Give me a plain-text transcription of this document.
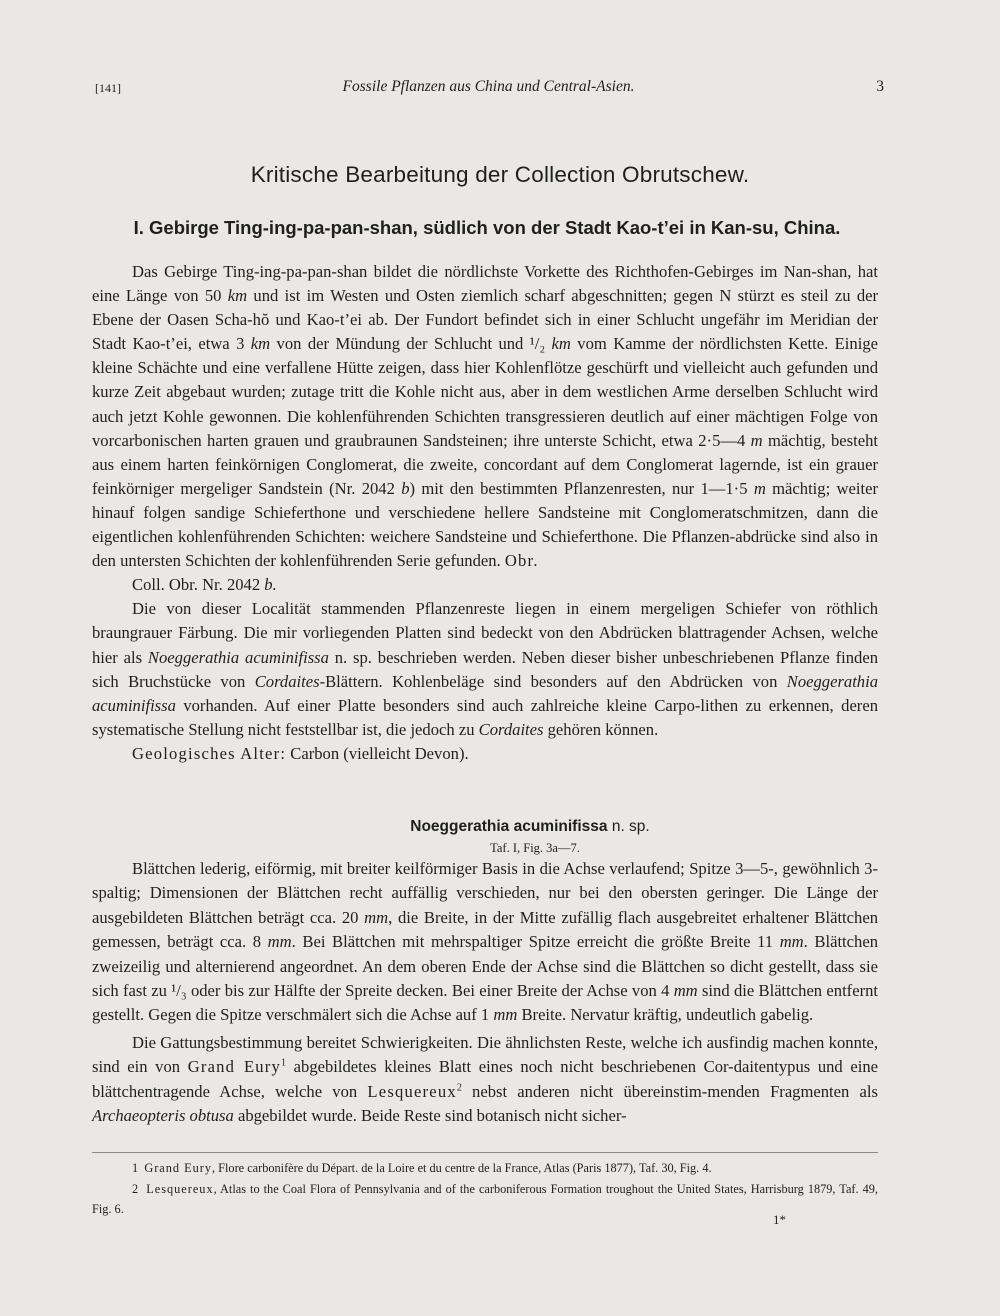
[141]	Fossile Pflanzen aus China und Central-Asien.	3
Kritische Bearbeitung der Collection Obrutschew.
I. Gebirge Ting-ing-pa-pan-shan, südlich von der Stadt Kao-t’ei in Kan-su, China.

Das Gebirge Ting-ing-pa-pan-shan bildet die nördlichste Vorkette des Richthofen-Gebirges im Nan-shan, hat eine Länge von 50 km und ist im Westen und Osten ziemlich scharf abgeschnitten; gegen N stürzt es steil zu der Ebene der Oasen Scha-hŏ und Kao-t’ei ab. Der Fundort befindet sich in einer Schlucht ungefähr im Meridian der Stadt Kao-t’ei, etwa 3 km von der Mündung der Schlucht und ¹/₂ km vom Kamme der nördlichsten Kette. Einige kleine Schächte und eine verfallene Hütte zeigen, dass hier Kohlenflötze geschürft und vielleicht auch gefunden und kurze Zeit abgebaut wurden; zutage tritt die Kohle nicht aus, aber in dem westlichen Arme derselben Schlucht wird auch jetzt Kohle gewonnen. Die kohlenführenden Schichten transgressieren deutlich auf einer mächtigen Folge von vorcarbonischen harten grauen und graubraunen Sandsteinen; ihre unterste Schicht, etwa 2·5—4 m mächtig, besteht aus einem harten feinkörnigen Conglomerat, die zweite, concordant auf dem Conglomerat lagernde, ist ein grauer feinkörniger mergeliger Sandstein (Nr. 2042 b) mit den bestimmten Pflanzenresten, nur 1—1·5 m mächtig; weiter hinauf folgen sandige Schieferthone und verschiedene hellere Sandsteine mit Conglomeratschmitzen, dann die eigentlichen kohlenführenden Schichten: weichere Sandsteine und Schieferthone. Die Pflanzen-abdrücke sind also in den untersten Schichten der kohlenführenden Serie gefunden. Obr.

Coll. Obr. Nr. 2042 b.

Die von dieser Localität stammenden Pflanzenreste liegen in einem mergeligen Schiefer von röthlich braungrauer Färbung. Die mir vorliegenden Platten sind bedeckt von den Abdrücken blattragender Achsen, welche hier als Noeggerathia acuminifissa n. sp. beschrieben werden. Neben dieser bisher unbeschriebenen Pflanze finden sich Bruchstücke von Cordaites-Blättern. Kohlenbeläge sind besonders auf den Abdrücken von Noeggerathia acuminifissa vorhanden. Auf einer Platte besonders sind auch zahlreiche kleine Carpo-lithen zu erkennen, deren systematische Stellung nicht feststellbar ist, die jedoch zu Cordaites gehören können.

Geologisches Alter: Carbon (vielleicht Devon).

Noeggerathia acuminifissa n. sp.
Taf. I, Fig. 3a—7.

Blättchen lederig, eiförmig, mit breiter keilförmiger Basis in die Achse verlaufend; Spitze 3—5-, gewöhnlich 3-spaltig; Dimensionen der Blättchen recht auffällig verschieden, nur bei den obersten geringer. Die Länge der ausgebildeten Blättchen beträgt cca. 20 mm, die Breite, in der Mitte zufällig flach ausgebreitet erhaltener Blättchen gemessen, beträgt cca. 8 mm. Bei Blättchen mit mehrspaltiger Spitze erreicht die größte Breite 11 mm. Blättchen zweizeilig und alternierend angeordnet. An dem oberen Ende der Achse sind die Blättchen so dicht gestellt, dass sie sich fast zu ¹/₃ oder bis zur Hälfte der Spreite decken. Bei einer Breite der Achse von 4 mm sind die Blättchen entfernt gestellt. Gegen die Spitze verschmälert sich die Achse auf 1 mm Breite. Nervatur kräftig, undeutlich gabelig.

Die Gattungsbestimmung bereitet Schwierigkeiten. Die ähnlichsten Reste, welche ich ausfindig machen konnte, sind ein von Grand Eury$^1$ abgebildetes kleines Blatt eines noch nicht beschriebenen Cor-daitentypus und eine blättchentragende Achse, welche von Lesquereux$^2$ nebst anderen nicht übereinstim-menden Fragmenten als Archaeopteris obtusa abgebildet wurde. Beide Reste sind botanisch nicht sicher-

1 Grand Eury, Flore carbonifère du Départ. de la Loire et du centre de la France, Atlas (Paris 1877), Taf. 30, Fig. 4.

2 Lesquereux, Atlas to the Coal Flora of Pennsylvania and of the carboniferous Formation troughout the United States, Harrisburg 1879, Taf. 49, Fig. 6.

1*
